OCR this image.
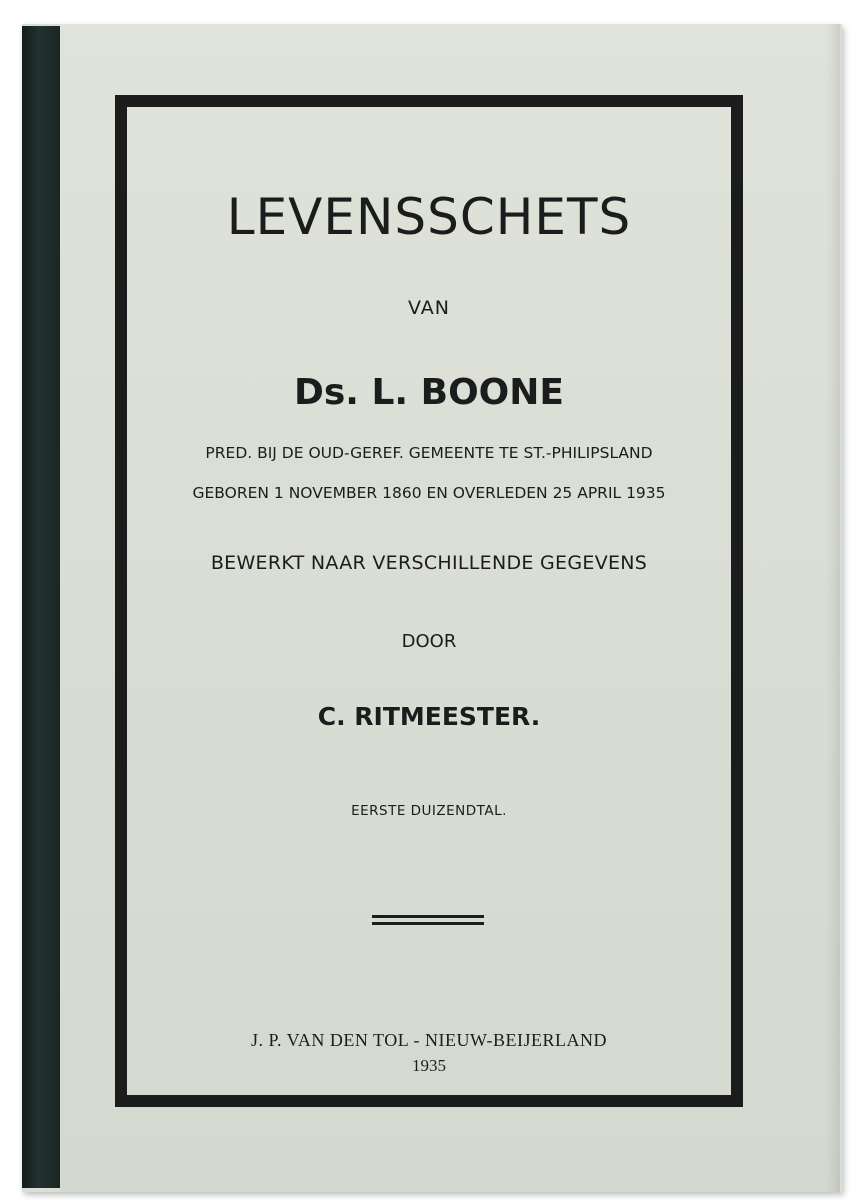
LEVENSSCHETS
VAN
Ds. L. BOONE
PRED. BIJ DE OUD-GEREF. GEMEENTE TE ST.-PHILIPSLAND
GEBOREN 1 NOVEMBER 1860 EN OVERLEDEN 25 APRIL 1935
BEWERKT NAAR VERSCHILLENDE GEGEVENS
DOOR
C. RITMEESTER.
EERSTE DUIZENDTAL.
J. P. VAN DEN TOL - NIEUW-BEIJERLAND
1935
